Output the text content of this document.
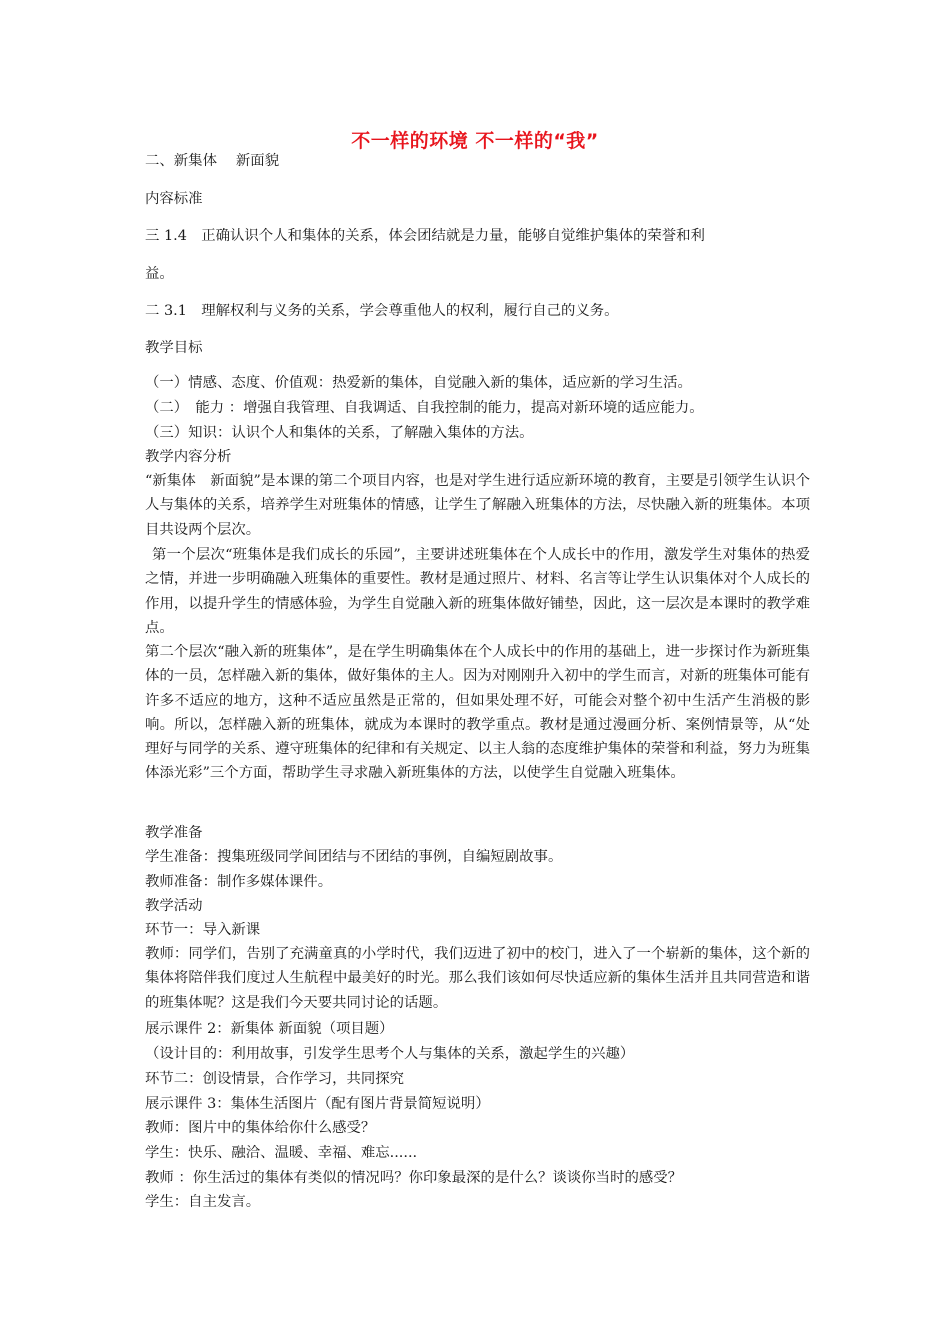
不一样的环境 不一样的“我”
二、新集体　 新面貌
内容标准
三 1.4　正确认识个人和集体的关系，体会团结就是力量，能够自觉维护集体的荣誉和利
益。
二 3.1　理解权利与义务的关系，学会尊重他人的权利，履行自己的义务。
教学目标
（一）情感、态度、价值观：热爱新的集体，自觉融入新的集体，适应新的学习生活。
（二）　能力 ：增强自我管理、自我调适、自我控制的能力，提高对新环境的适应能力。
（三）知识：认识个人和集体的关系，了解融入集体的方法。
教学内容分析
“新集体　新面貌”是本课的第二个项目内容，也是对学生进行适应新环境的教育，主要是引领学生认识个人与集体的关系，培养学生对班集体的情感，让学生了解融入班集体的方法，尽快融入新的班集体。本项目共设两个层次。
第一个层次“班集体是我们成长的乐园”，主要讲述班集体在个人成长中的作用，激发学生对集体的热爱之情，并进一步明确融入班集体的重要性。教材是通过照片、材料、名言等让学生认识集体对个人成长的作用，以提升学生的情感体验，为学生自觉融入新的班集体做好铺垫，因此，这一层次是本课时的教学难点。
第二个层次“融入新的班集体”，是在学生明确集体在个人成长中的作用的基础上，进一步探讨作为新班集体的一员，怎样融入新的集体，做好集体的主人。因为对刚刚升入初中的学生而言，对新的班集体可能有许多不适应的地方，这种不适应虽然是正常的，但如果处理不好，可能会对整个初中生活产生消极的影响。所以，怎样融入新的班集体，就成为本课时的教学重点。教材是通过漫画分析、案例情景等，从“处理好与同学的关系、遵守班集体的纪律和有关规定、以主人翁的态度维护集体的荣誉和利益，努力为班集体添光彩”三个方面，帮助学生寻求融入新班集体的方法，以使学生自觉融入班集体。
教学准备
学生准备：搜集班级同学间团结与不团结的事例，自编短剧故事。
教师准备：制作多媒体课件。
教学活动
环节一：导入新课
教师：同学们，告别了充满童真的小学时代，我们迈进了初中的校门，进入了一个崭新的集体，这个新的集体将陪伴我们度过人生航程中最美好的时光。那么我们该如何尽快适应新的集体生活并且共同营造和谐的班集体呢？这是我们今天要共同讨论的话题。
展示课件 2：新集体 新面貌（项目题）
（设计目的：利用故事，引发学生思考个人与集体的关系，激起学生的兴趣）
环节二：创设情景，合作学习，共同探究
展示课件 3：集体生活图片（配有图片背景简短说明）
教师：图片中的集体给你什么感受？
学生：快乐、融洽、温暖、幸福、难忘......
教师 ：你生活过的集体有类似的情况吗？你印象最深的是什么？谈谈你当时的感受？
学生：自主发言。
